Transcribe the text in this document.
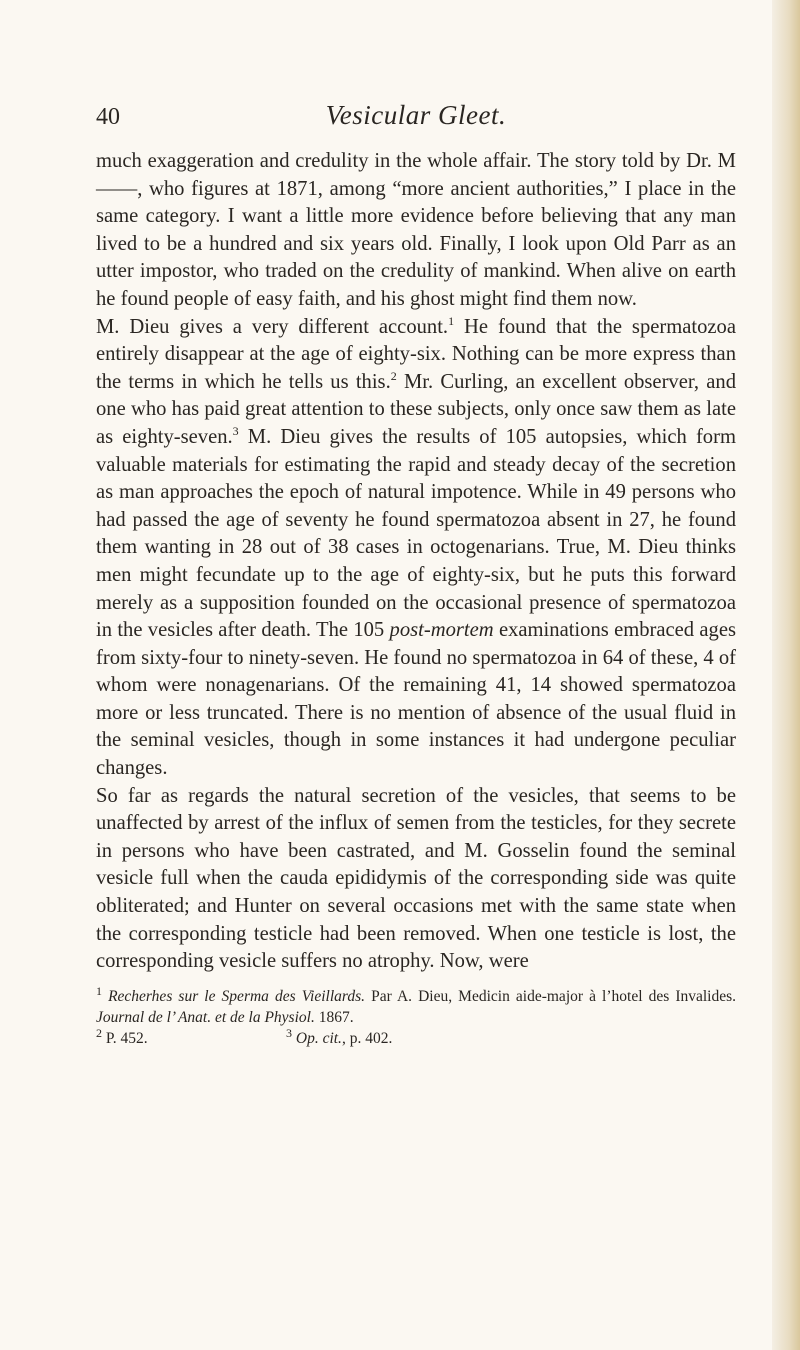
40	Vesicular Gleet.

much exaggeration and credulity in the whole affair. The story told by Dr. M——, who figures at 1871, among “more ancient authorities,” I place in the same category. I want a little more evidence before believing that any man lived to be a hundred and six years old. Finally, I look upon Old Parr as an utter impostor, who traded on the credulity of mankind. When alive on earth he found people of easy faith, and his ghost might find them now.

M. Dieu gives a very different account.$^1$ He found that the spermatozoa entirely disappear at the age of eighty-six. Nothing can be more express than the terms in which he tells us this.$^2$ Mr. Curling, an excellent observer, and one who has paid great attention to these subjects, only once saw them as late as eighty-seven.$^3$ M. Dieu gives the results of 105 autopsies, which form valuable materials for estimating the rapid and steady decay of the secretion as man approaches the epoch of natural impotence. While in 49 persons who had passed the age of seventy he found spermatozoa absent in 27, he found them wanting in 28 out of 38 cases in octogenarians. True, M. Dieu thinks men might fecundate up to the age of eighty-six, but he puts this forward merely as a supposition founded on the occasional presence of spermatozoa in the vesicles after death. The 105 post-mortem examinations embraced ages from sixty-four to ninety-seven. He found no spermatozoa in 64 of these, 4 of whom were nonagenarians. Of the remaining 41, 14 showed spermatozoa more or less truncated. There is no mention of absence of the usual fluid in the seminal vesicles, though in some instances it had undergone peculiar changes.

So far as regards the natural secretion of the vesicles, that seems to be unaffected by arrest of the influx of semen from the testicles, for they secrete in persons who have been castrated, and M. Gosselin found the seminal vesicle full when the cauda epididymis of the corresponding side was quite obliterated; and Hunter on several occasions met with the same state when the corresponding testicle had been removed. When one testicle is lost, the corresponding vesicle suffers no atrophy. Now, were

$^1$ Recherhes sur le Sperma des Vieillards. Par A. Dieu, Medicin aide-major à l’hotel des Invalides. Journal de l’ Anat. et de la Physiol. 1867.

$^2$ P. 452.	$^3$ Op. cit., p. 402.
